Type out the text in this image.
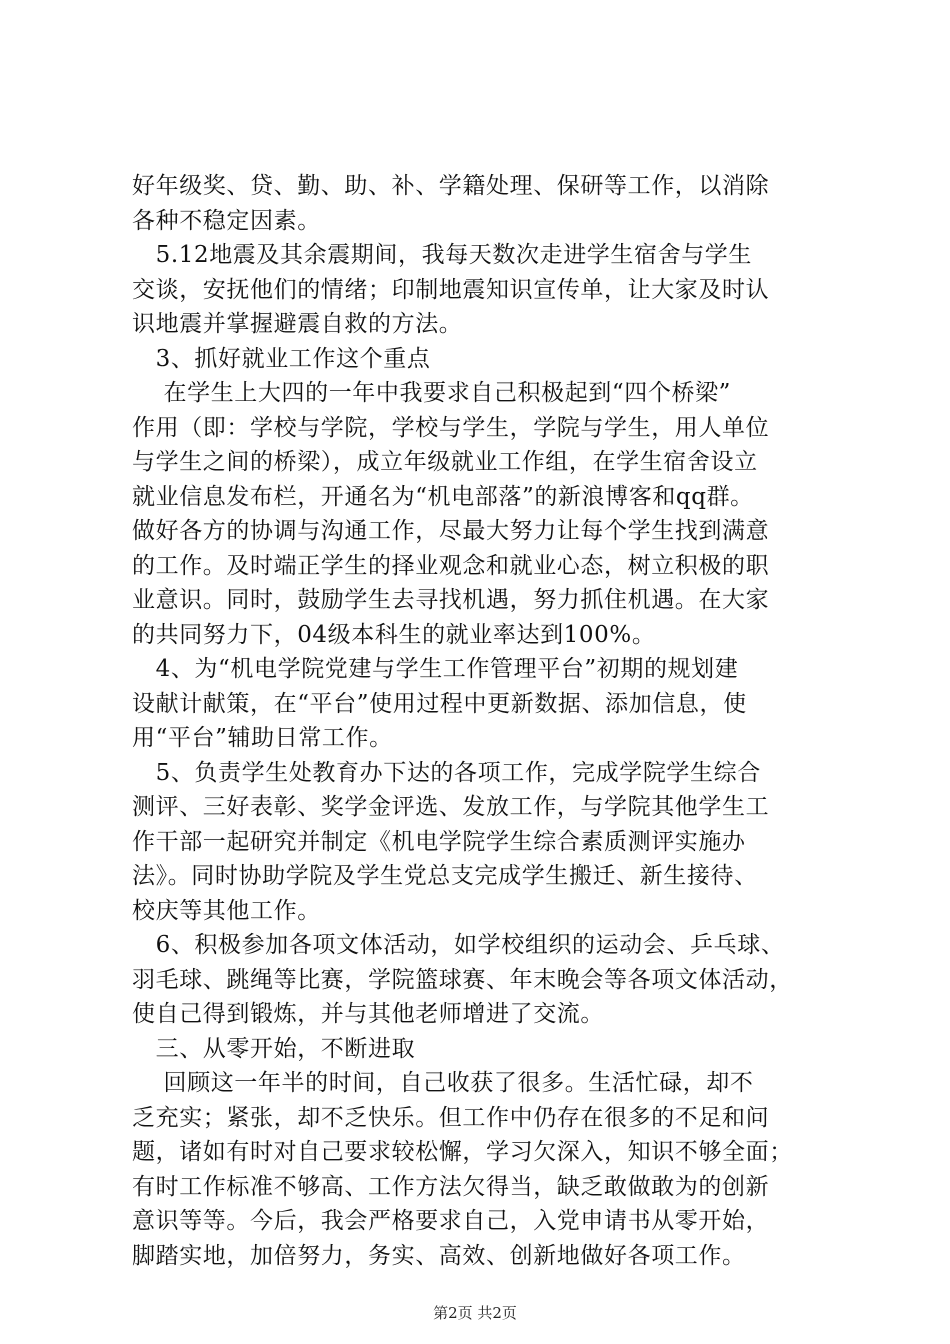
好年级奖、贷、勤、助、补、学籍处理、保研等工作，以消除
各种不稳定因素。
　5.12地震及其余震期间，我每天数次走进学生宿舍与学生
交谈，安抚他们的情绪；印制地震知识宣传单，让大家及时认
识地震并掌握避震自救的方法。
　3、抓好就业工作这个重点
　 在学生上大四的一年中我要求自己积极起到“四个桥梁”
作用（即：学校与学院，学校与学生，学院与学生，用人单位
与学生之间的桥梁），成立年级就业工作组，在学生宿舍设立
就业信息发布栏，开通名为“机电部落”的新浪博客和qq群。
做好各方的协调与沟通工作，尽最大努力让每个学生找到满意
的工作。及时端正学生的择业观念和就业心态，树立积极的职
业意识。同时，鼓励学生去寻找机遇，努力抓住机遇。在大家
的共同努力下，04级本科生的就业率达到100%。
　4、为“机电学院党建与学生工作管理平台”初期的规划建
设献计献策，在“平台”使用过程中更新数据、添加信息，使
用“平台”辅助日常工作。
　5、负责学生处教育办下达的各项工作，完成学院学生综合
测评、三好表彰、奖学金评选、发放工作，与学院其他学生工
作干部一起研究并制定《机电学院学生综合素质测评实施办
法》。同时协助学院及学生党总支完成学生搬迁、新生接待、
校庆等其他工作。
　6、积极参加各项文体活动，如学校组织的运动会、乒乓球、
羽毛球、跳绳等比赛，学院篮球赛、年末晚会等各项文体活动，
使自己得到锻炼，并与其他老师增进了交流。
　三、从零开始，不断进取
　 回顾这一年半的时间，自己收获了很多。生活忙碌，却不
乏充实；紧张，却不乏快乐。但工作中仍存在很多的不足和问
题，诸如有时对自己要求较松懈，学习欠深入，知识不够全面；
有时工作标准不够高、工作方法欠得当，缺乏敢做敢为的创新
意识等等。今后，我会严格要求自己，入党申请书从零开始，
脚踏实地，加倍努力，务实、高效、创新地做好各项工作。
第2页 共2页
